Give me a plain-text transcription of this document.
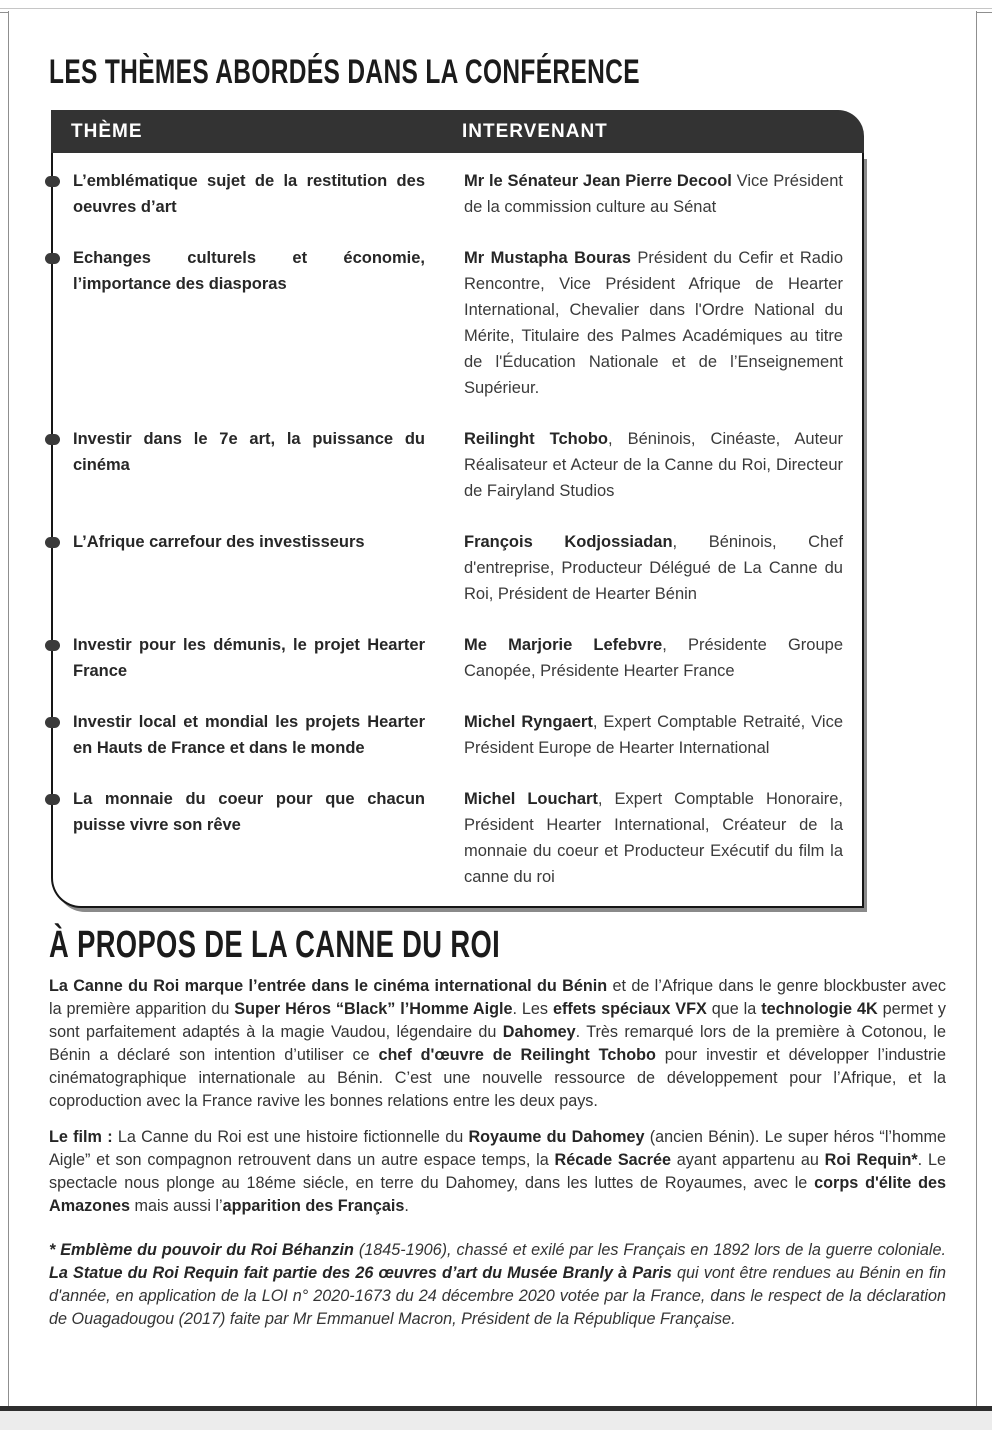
LES THÈMES ABORDÉS DANS LA CONFÉRENCE
THÈME	INTERVENANT
L’emblématique sujet de la restitution des oeuvres d’art
Mr le Sénateur Jean Pierre Decool Vice Président de la commission culture au Sénat
Echanges culturels et économie, l’importance des diasporas
Mr Mustapha Bouras Président du Cefir et Radio Rencontre, Vice Président Afrique de Hearter International, Chevalier dans l'Ordre National du Mérite, Titulaire des Palmes Académiques au titre de l'Éducation Nationale et de l’Enseignement Supérieur.
Investir dans le 7e art, la puissance du cinéma
Reilinght Tchobo, Béninois, Cinéaste, Auteur Réalisateur et Acteur de la Canne du Roi, Directeur de Fairyland Studios
L’Afrique carrefour des investisseurs	François Kodjossiadan, Béninois, Chef d'entreprise, Producteur Délégué de La Canne du Roi, Président de Hearter Bénin
Investir pour les démunis, le projet Hearter France
Me Marjorie Lefebvre, Présidente Groupe Canopée, Présidente Hearter France
Investir local et mondial les projets Hearter en Hauts de France et dans le monde
Michel Ryngaert, Expert Comptable Retraité, Vice Président Europe de Hearter International
La monnaie du coeur pour que chacun puisse vivre son rêve
Michel Louchart, Expert Comptable Honoraire, Président Hearter International, Créateur de la monnaie du coeur et Producteur Exécutif du film la canne du roi
À PROPOS DE LA CANNE DU ROI

La Canne du Roi marque l’entrée dans le cinéma international du Bénin et de l’Afrique dans le genre blockbuster avec la première apparition du Super Héros “Black” l’Homme Aigle. Les effets spéciaux VFX que la technologie 4K permet y sont parfaitement adaptés à la magie Vaudou, légendaire du Dahomey. Très remarqué lors de la première à Cotonou, le Bénin a déclaré son intention d’utiliser ce chef d'œuvre de Reilinght Tchobo pour investir et développer l’industrie cinématographique internationale au Bénin. C’est une nouvelle ressource de développement pour l’Afrique, et la coproduction avec la France ravive les bonnes relations entre les deux pays.

Le film : La Canne du Roi est une histoire fictionnelle du Royaume du Dahomey (ancien Bénin). Le super héros “l’homme Aigle” et son compagnon retrouvent dans un autre espace temps, la Récade Sacrée ayant appartenu au Roi Requin*. Le spectacle nous plonge au 18éme siécle, en terre du Dahomey, dans les luttes de Royaumes, avec le corps d'élite des Amazones mais aussi l’apparition des Français.

* Emblème du pouvoir du Roi Béhanzin (1845-1906), chassé et exilé par les Français en 1892 lors de la guerre coloniale. La Statue du Roi Requin fait partie des 26 œuvres d’art du Musée Branly à Paris qui vont être rendues au Bénin en fin d'année, en application de la LOI n° 2020-1673 du 24 décembre 2020 votée par la France, dans le respect de la déclaration de Ouagadougou (2017) faite par Mr Emmanuel Macron, Président de la République Française.
